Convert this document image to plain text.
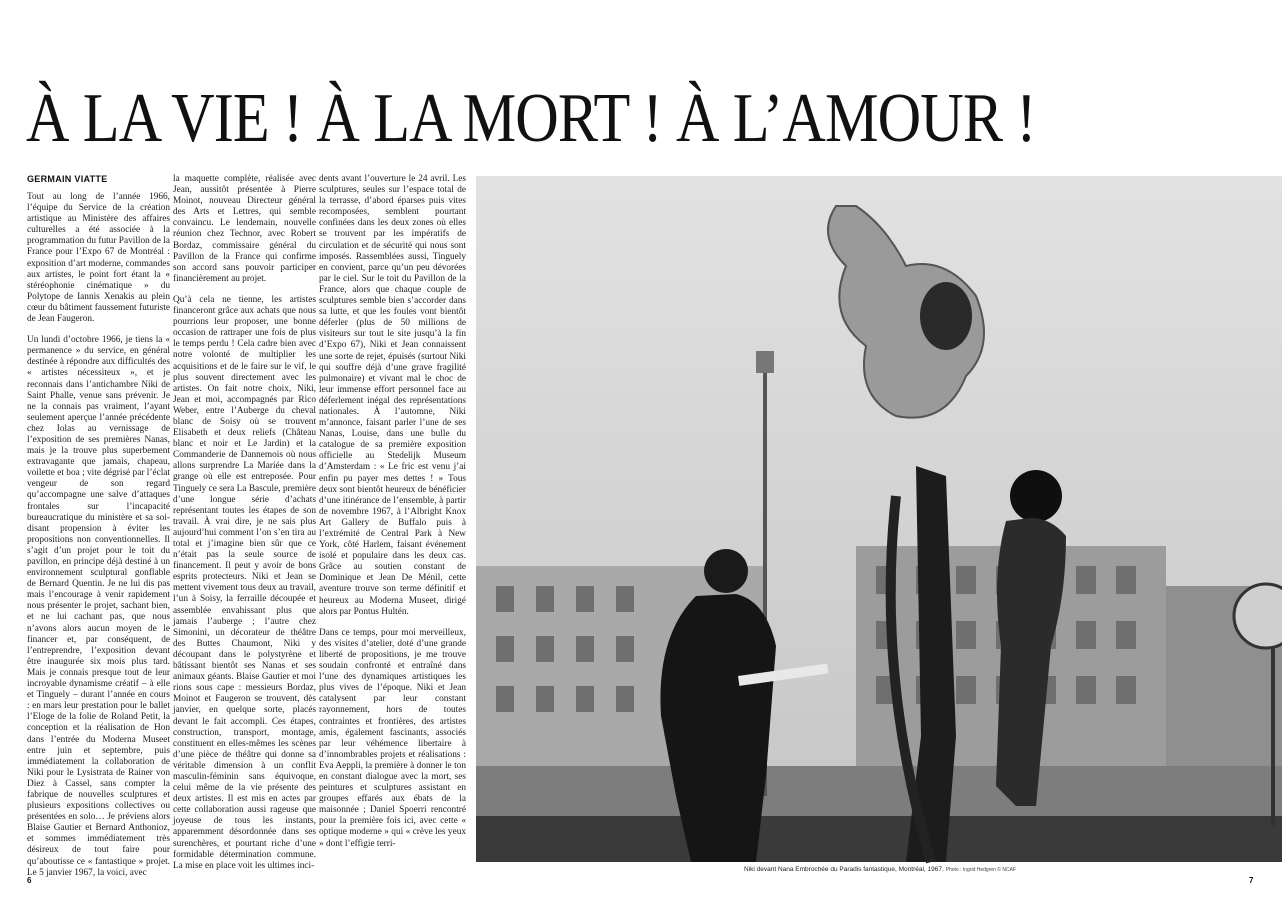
À LA VIE ! À LA MORT ! À L’AMOUR !
GERMAIN VIATTE

Tout au long de l’année 1966, l’équipe du Service de la création artistique au Ministère des affaires culturelles a été associée à la programmation du futur Pavillon de la France pour l’Expo 67 de Montréal : exposition d’art moderne, commandes aux artistes, le point fort étant la « stéréophonie cinématique » du Polytope de Iannis Xenakis au plein cœur du bâtiment faussement futuriste de Jean Faugeron.

Un lundi d’octobre 1966, je tiens la « permanence » du service, en général destinée à répondre aux difficultés des « artistes nécessiteux », et je reconnais dans l’antichambre Niki de Saint Phalle, venue sans prévenir. Je ne la connais pas vraiment, l’ayant seulement aperçue l’année précédente chez Iolas au vernissage de l’exposition de ses premières Nanas, mais je la trouve plus superbement extravagante que jamais, chapeau, voilette et boa ; vite dégrisé par l’éclat vengeur de son regard qu’accompagne une salve d’attaques frontales sur l’incapacité bureaucratique du ministère et sa soi-disant propension à éviter les propositions non conventionnelles. Il s’agit d’un projet pour le toit du pavillon, en principe déjà destiné à un environnement sculptural gonflable de Bernard Quentin. Je ne lui dis pas mais l’encourage à venir rapidement nous présenter le projet, sachant bien, et ne lui cachant pas, que nous n’avons alors aucun moyen de le financer et, par conséquent, de l’entreprendre, l’exposition devant être inaugurée six mois plus tard. Mais je connais presque tout de leur incroyable dynamisme créatif – à elle et Tinguely – durant l’année en cours : en mars leur prestation pour le ballet l’Eloge de la folie de Roland Petit, la conception et la réalisation de Hon dans l’entrée du Moderna Museet entre juin et septembre, puis immédiatement la collaboration de Niki pour le Lysistrata de Rainer von Diez à Cassel, sans compter la fabrique de nouvelles sculptures et plusieurs expositions collectives ou présentées en solo… Je préviens alors Blaise Gautier et Bernard Anthonioz, et sommes immédiatement très désireux de tout faire pour qu’aboutisse ce « fantastique » projet. Le 5 janvier 1967, la voici, avec

la maquette complète, réalisée avec Jean, aussitôt présentée à Pierre Moinot, nouveau Directeur général des Arts et Lettres, qui semble convaincu. Le lendemain, nouvelle réunion chez Technor, avec Robert Bordaz, commissaire général du Pavillon de la France qui confirme son accord sans pouvoir participer financièrement au projet.

Qu’à cela ne tienne, les artistes financeront grâce aux achats que nous pourrions leur proposer, une bonne occasion de rattraper une fois de plus le temps perdu ! Cela cadre bien avec notre volonté de multiplier les acquisitions et de le faire sur le vif, le plus souvent directement avec les artistes. On fait notre choix, Niki, Jean et moi, accompagnés par Rico Weber, entre l’Auberge du cheval blanc de Soisy où se trouvent Elisabeth et deux reliefs (Château blanc et noir et Le Jardin) et la Commanderie de Dannemois où nous allons surprendre La Mariée dans la grange où elle est entreposée. Pour Tinguely ce sera La Bascule, première d’une longue série d’achats représentant toutes les étapes de son travail. À vrai dire, je ne sais plus aujourd’hui comment l’on s’en tira au total et j’imagine bien sûr que ce n’était pas la seule source de financement. Il peut y avoir de bons esprits protecteurs. Niki et Jean se mettent vivement tous deux au travail, l’un à Soisy, la ferraille découpée et assemblée envahissant plus que jamais l’auberge ; l’autre chez Simonini, un décorateur de théâtre des Buttes Chaumont, Niki y découpant dans le polystyrène et bâtissant bientôt ses Nanas et ses animaux géants. Blaise Gautier et moi rions sous cape : messieurs Bordaz, Moinot et Faugeron se trouvent, dès janvier, en quelque sorte, placés devant le fait accompli. Ces étapes, construction, transport, montage, constituent en elles-mêmes les scènes d’une pièce de théâtre qui donne sa véritable dimension à un conflit masculin-féminin sans équivoque, celui même de la vie présente des deux artistes. Il est mis en actes par cette collaboration aussi rageuse que joyeuse de tous les instants, apparemment désordonnée dans ses surenchères, et pourtant riche d’une formidable détermination commune. La mise en place voit les ultimes inci-

dents avant l’ouverture le 24 avril. Les sculptures, seules sur l’espace total de la terrasse, d’abord éparses puis vites recomposées, semblent pourtant confinées dans les deux zones où elles se trouvent par les impératifs de circulation et de sécurité qui nous sont imposés. Rassemblées aussi, Tinguely en convient, parce qu’un peu dévorées par le ciel. Sur le toit du Pavillon de la France, alors que chaque couple de sculptures semble bien s’accorder dans sa lutte, et que les foules vont bientôt déferler (plus de 50 millions de visiteurs sur tout le site jusqu’à la fin d’Expo 67), Niki et Jean connaissent une sorte de rejet, épuisés (surtout Niki qui souffre déjà d’une grave fragilité pulmonaire) et vivant mal le choc de leur immense effort personnel face au déferlement inégal des représentations nationales. À l’automne, Niki m’annonce, faisant parler l’une de ses Nanas, Louise, dans une bulle du catalogue de sa première exposition officielle au Stedelijk Museum d’Amsterdam : « Le fric est venu j’ai enfin pu payer mes dettes ! » Tous deux sont bientôt heureux de bénéficier d’une itinérance de l’ensemble, à partir de novembre 1967, à l’Albright Knox Art Gallery de Buffalo puis à l’extrémité de Central Park à New York, côté Harlem, faisant événement isolé et populaire dans les deux cas. Grâce au soutien constant de Dominique et Jean De Ménil, cette aventure trouve son terme définitif et heureux au Moderna Museet, dirigé alors par Pontus Hultén.

Dans ce temps, pour moi merveilleux, des visites d’atelier, doté d’une grande liberté de propositions, je me trouve soudain confronté et entraîné dans l’une des dynamiques artistiques les plus vives de l’époque. Niki et Jean catalysent par leur constant rayonnement, hors de toutes contraintes et frontières, des artistes amis, également fascinants, associés par leur véhémence libertaire à d’innombrables projets et réalisations : Eva Aeppli, la première à donner le ton en constant dialogue avec la mort, ses peintures et sculptures assistant en groupes effarés aux ébats de la maisonnée ; Daniel Spoerri rencontré pour la première fois ici, avec cette « optique moderne » qui « crève les yeux » dont l’effigie terri-

Niki devant Nana Embrochée du Paradis fantastique, Montréal, 1967. Photo : Ingrid Hedgren © NCAF
6	7
